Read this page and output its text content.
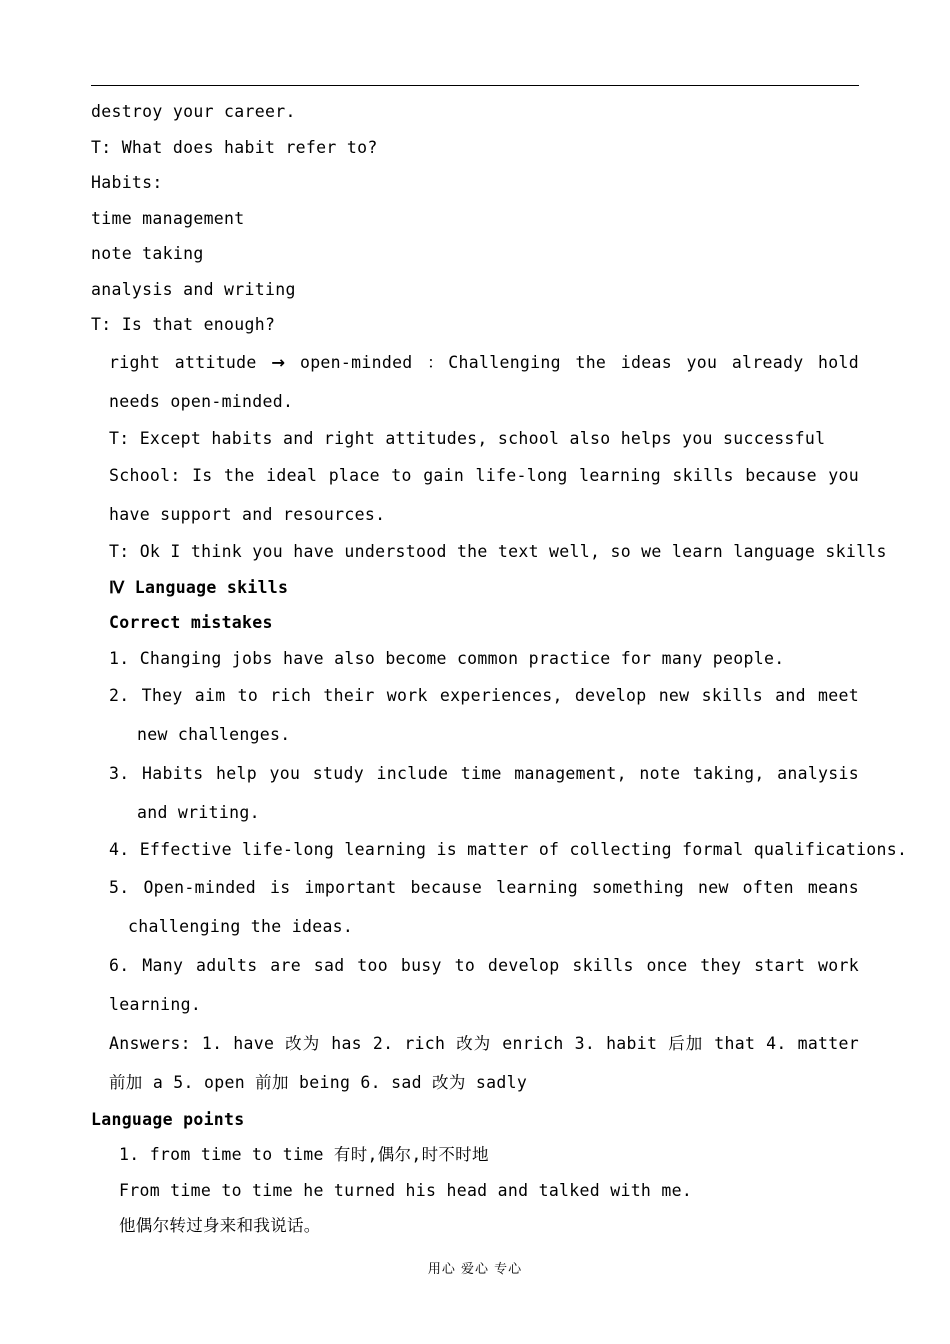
destroy your career.

T: What does habit refer to?

Habits:

time management

note taking

analysis and writing

T: Is that enough?

right attitude → open-minded ：Challenging the ideas you already hold needs open-minded.

T: Except habits and right attitudes, school also helps you successful

School: Is the ideal place to gain life-long learning skills because you have support and resources.

T: Ok I think you have understood the text well, so we learn language skills

Ⅳ Language skills

Correct mistakes

1. Changing jobs have also become common practice for many people.

2. They aim to rich their work experiences, develop new skills and meet new challenges.

3. Habits help you study include time management, note taking, analysis and writing.

4. Effective life-long learning is matter of collecting formal qualifications.

5. Open-minded is important because learning something new often means challenging the ideas.

6. Many adults are sad too busy to develop skills once they start work learning.

Answers: 1. have 改为 has 2. rich 改为 enrich 3. habit 后加 that 4. matter 前加 a 5. open 前加 being 6. sad 改为 sadly

Language points

1. from time to time 有时,偶尔,时不时地

From time to time he turned his head and talked with me.

他偶尔转过身来和我说话。

用心 爱心 专心
